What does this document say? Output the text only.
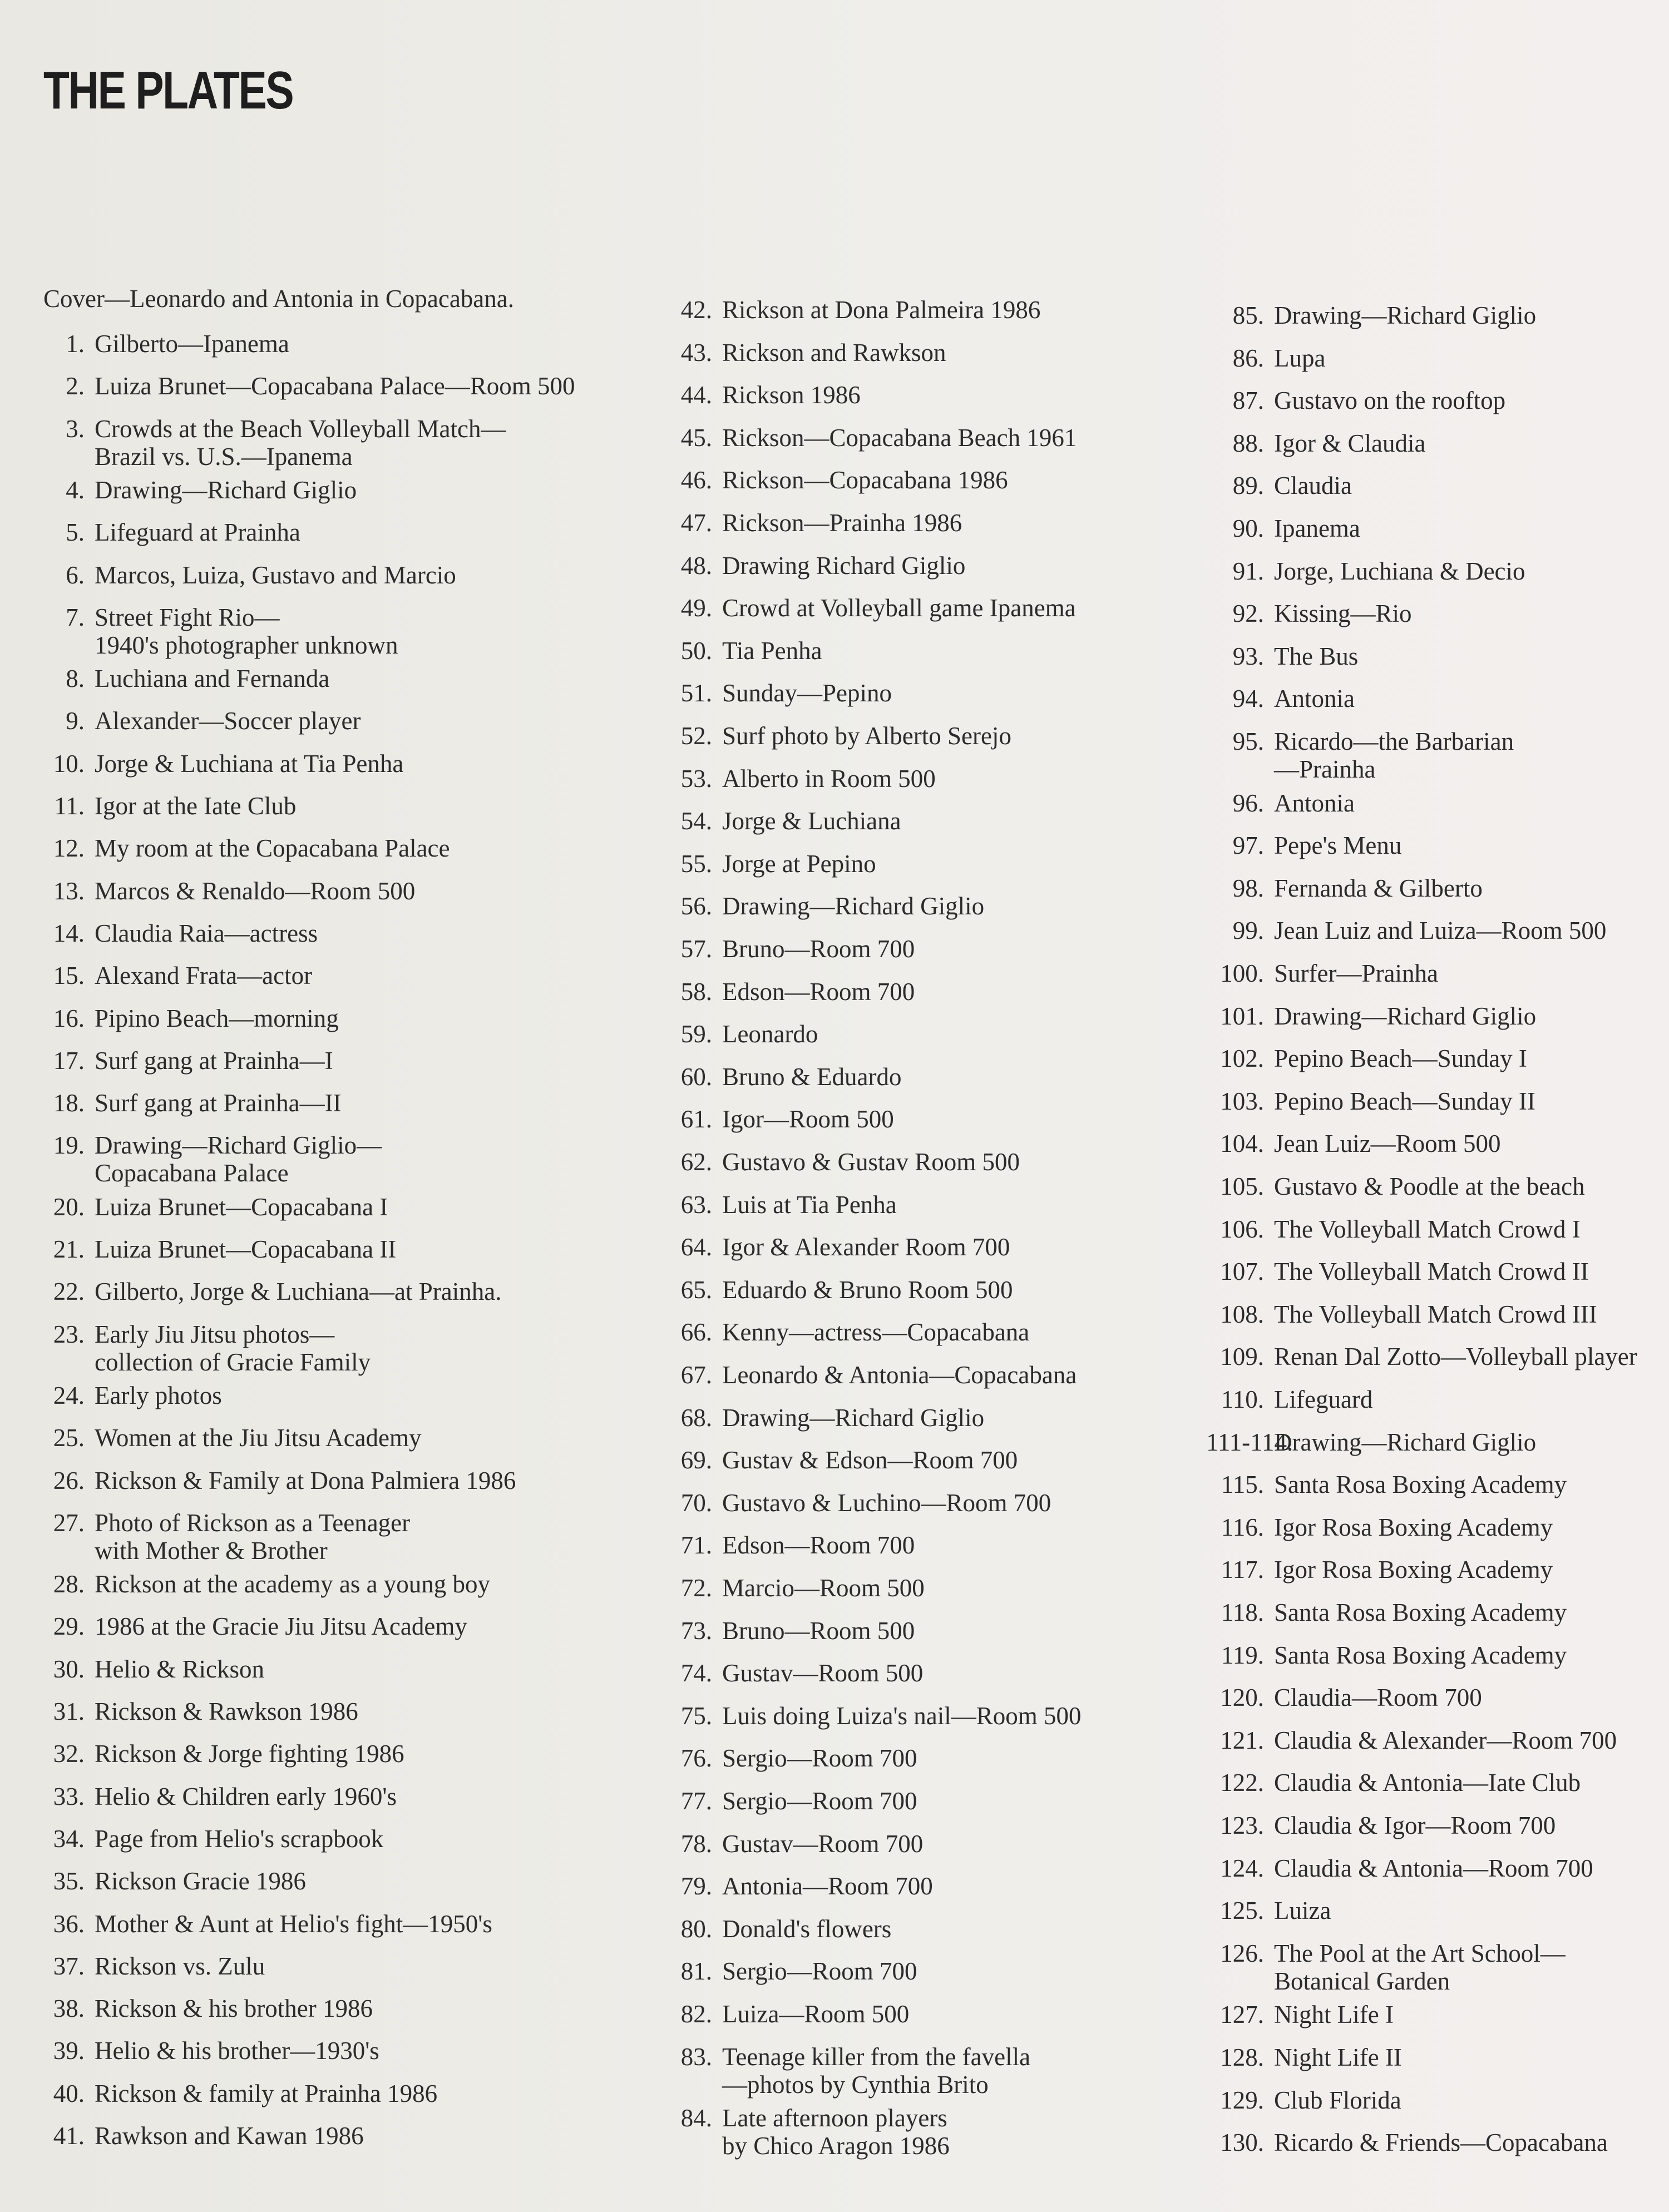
THE PLATES
Cover—Leonardo and Antonia in Copacabana.
1. Gilberto—Ipanema
2. Luiza Brunet—Copacabana Palace—Room 500
3. Crowds at the Beach Volleyball Match—
Brazil vs. U.S.—Ipanema
4. Drawing—Richard Giglio
5. Lifeguard at Prainha
6. Marcos, Luiza, Gustavo and Marcio
7. Street Fight Rio—
1940's photographer unknown
8. Luchiana and Fernanda
9. Alexander—Soccer player
10. Jorge & Luchiana at Tia Penha
11. Igor at the Iate Club
12. My room at the Copacabana Palace
13. Marcos & Renaldo—Room 500
14. Claudia Raia—actress
15. Alexand Frata—actor
16. Pipino Beach—morning
17. Surf gang at Prainha—I
18. Surf gang at Prainha—II
19. Drawing—Richard Giglio—
Copacabana Palace
20. Luiza Brunet—Copacabana I
21. Luiza Brunet—Copacabana II
22. Gilberto, Jorge & Luchiana—at Prainha.
23. Early Jiu Jitsu photos—
collection of Gracie Family
24. Early photos
25. Women at the Jiu Jitsu Academy
26. Rickson & Family at Dona Palmiera 1986
27. Photo of Rickson as a Teenager
with Mother & Brother
28. Rickson at the academy as a young boy
29. 1986 at the Gracie Jiu Jitsu Academy
30. Helio & Rickson
31. Rickson & Rawkson 1986
32. Rickson & Jorge fighting 1986
33. Helio & Children early 1960's
34. Page from Helio's scrapbook
35. Rickson Gracie 1986
36. Mother & Aunt at Helio's fight—1950's
37. Rickson vs. Zulu
38. Rickson & his brother 1986
39. Helio & his brother—1930's
40. Rickson & family at Prainha 1986
41. Rawkson and Kawan 1986
42. Rickson at Dona Palmeira 1986
43. Rickson and Rawkson
44. Rickson 1986
45. Rickson—Copacabana Beach 1961
46. Rickson—Copacabana 1986
47. Rickson—Prainha 1986
48. Drawing Richard Giglio
49. Crowd at Volleyball game Ipanema
50. Tia Penha
51. Sunday—Pepino
52. Surf photo by Alberto Serejo
53. Alberto in Room 500
54. Jorge & Luchiana
55. Jorge at Pepino
56. Drawing—Richard Giglio
57. Bruno—Room 700
58. Edson—Room 700
59. Leonardo
60. Bruno & Eduardo
61. Igor—Room 500
62. Gustavo & Gustav Room 500
63. Luis at Tia Penha
64. Igor & Alexander Room 700
65. Eduardo & Bruno Room 500
66. Kenny—actress—Copacabana
67. Leonardo & Antonia—Copacabana
68. Drawing—Richard Giglio
69. Gustav & Edson—Room 700
70. Gustavo & Luchino—Room 700
71. Edson—Room 700
72. Marcio—Room 500
73. Bruno—Room 500
74. Gustav—Room 500
75. Luis doing Luiza's nail—Room 500
76. Sergio—Room 700
77. Sergio—Room 700
78. Gustav—Room 700
79. Antonia—Room 700
80. Donald's flowers
81. Sergio—Room 700
82. Luiza—Room 500
83. Teenage killer from the favella
—photos by Cynthia Brito
84. Late afternoon players
by Chico Aragon 1986
85. Drawing—Richard Giglio
86. Lupa
87. Gustavo on the rooftop
88. Igor & Claudia
89. Claudia
90. Ipanema
91. Jorge, Luchiana & Decio
92. Kissing—Rio
93. The Bus
94. Antonia
95. Ricardo—the Barbarian
—Prainha
96. Antonia
97. Pepe's Menu
98. Fernanda & Gilberto
99. Jean Luiz and Luiza—Room 500
100. Surfer—Prainha
101. Drawing—Richard Giglio
102. Pepino Beach—Sunday I
103. Pepino Beach—Sunday II
104. Jean Luiz—Room 500
105. Gustavo & Poodle at the beach
106. The Volleyball Match Crowd I
107. The Volleyball Match Crowd II
108. The Volleyball Match Crowd III
109. Renan Dal Zotto—Volleyball player
110. Lifeguard
111-114.Drawing—Richard Giglio
115. Santa Rosa Boxing Academy
116. Igor Rosa Boxing Academy
117. Igor Rosa Boxing Academy
118. Santa Rosa Boxing Academy
119. Santa Rosa Boxing Academy
120. Claudia—Room 700
121. Claudia & Alexander—Room 700
122. Claudia & Antonia—Iate Club
123. Claudia & Igor—Room 700
124. Claudia & Antonia—Room 700
125. Luiza
126. The Pool at the Art School—
Botanical Garden
127. Night Life I
128. Night Life II
129. Club Florida
130. Ricardo & Friends—Copacabana
